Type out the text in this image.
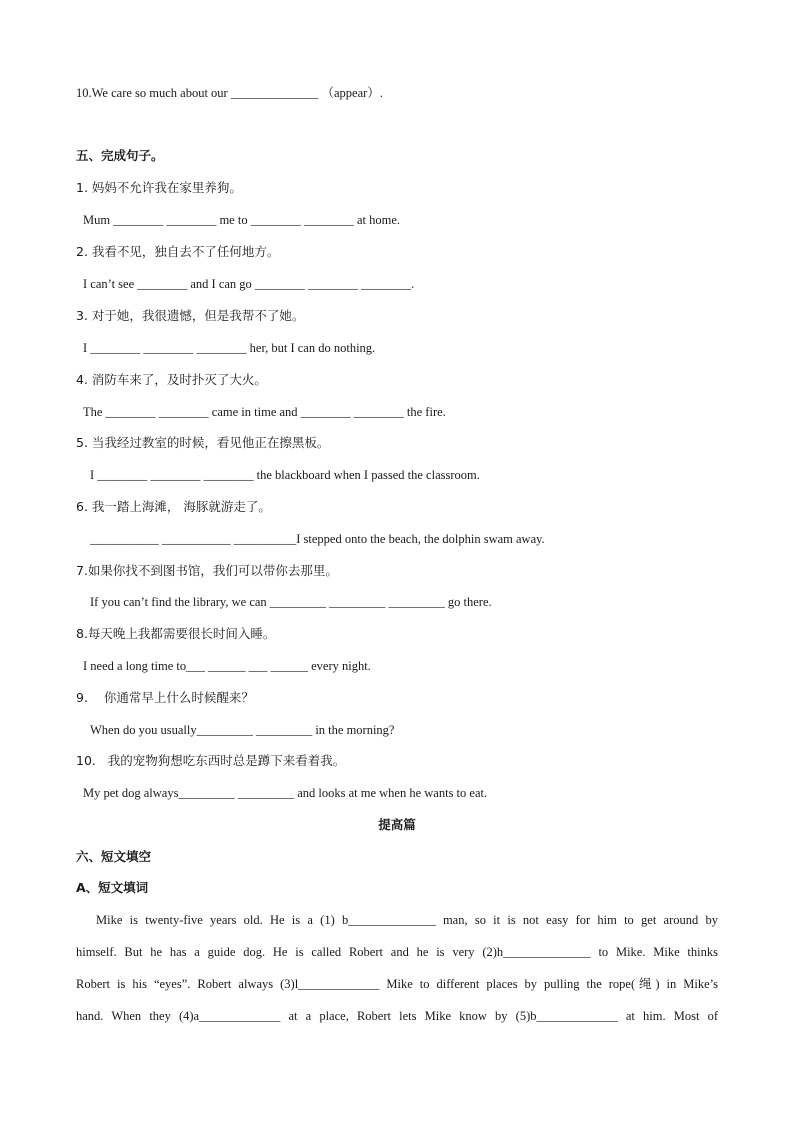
10.We care so much about our ______________ （appear）.
五、完成句子。
1. 妈妈不允许我在家里养狗。
Mum ________ ________ me to ________ ________ at home.
2. 我看不见，独自去不了任何地方。
I can’t see ________ and I can go ________ ________ ________.
3. 对于她，我很遗憾，但是我帮不了她。
I ________ ________ ________ her, but I can do nothing.
4. 消防车来了，及时扑灭了大火。
The ________ ________ came in time and ________ ________ the fire.
5. 当我经过教室的时候，看见他正在擦黑板。
I ________ ________ ________ the blackboard when I passed the classroom.
6. 我一踏上海滩， 海豚就游走了。
___________ ___________ __________I stepped onto the beach, the dolphin swam away.
7.如果你找不到图书馆，我们可以带你去那里。
If you can’t find the library, we can _________ _________ _________ go there.
8.每天晚上我都需要很长时间入睡。
I need a long time to___ ______ ___ ______ every night.
9.    你通常早上什么时候醒来？
When do you usually_________ _________ in the morning?
10.   我的宠物狗想吃东西时总是蹲下来看着我。
My pet dog always_________ _________ and looks at me when he wants to eat.
提高篇
六、短文填空
A、短文填词
Mike is twenty-five years old. He is a (1) b______________ man, so it is not easy for him to get around by
himself. But he has a guide dog. He is called Robert and he is very (2)h______________ to Mike. Mike thinks
Robert is his “eyes”. Robert always (3)l_____________ Mike to different places by pulling the rope(绳) in Mike’s
hand. When they (4)a_____________ at a place, Robert lets Mike know by (5)b_____________ at him. Most of
